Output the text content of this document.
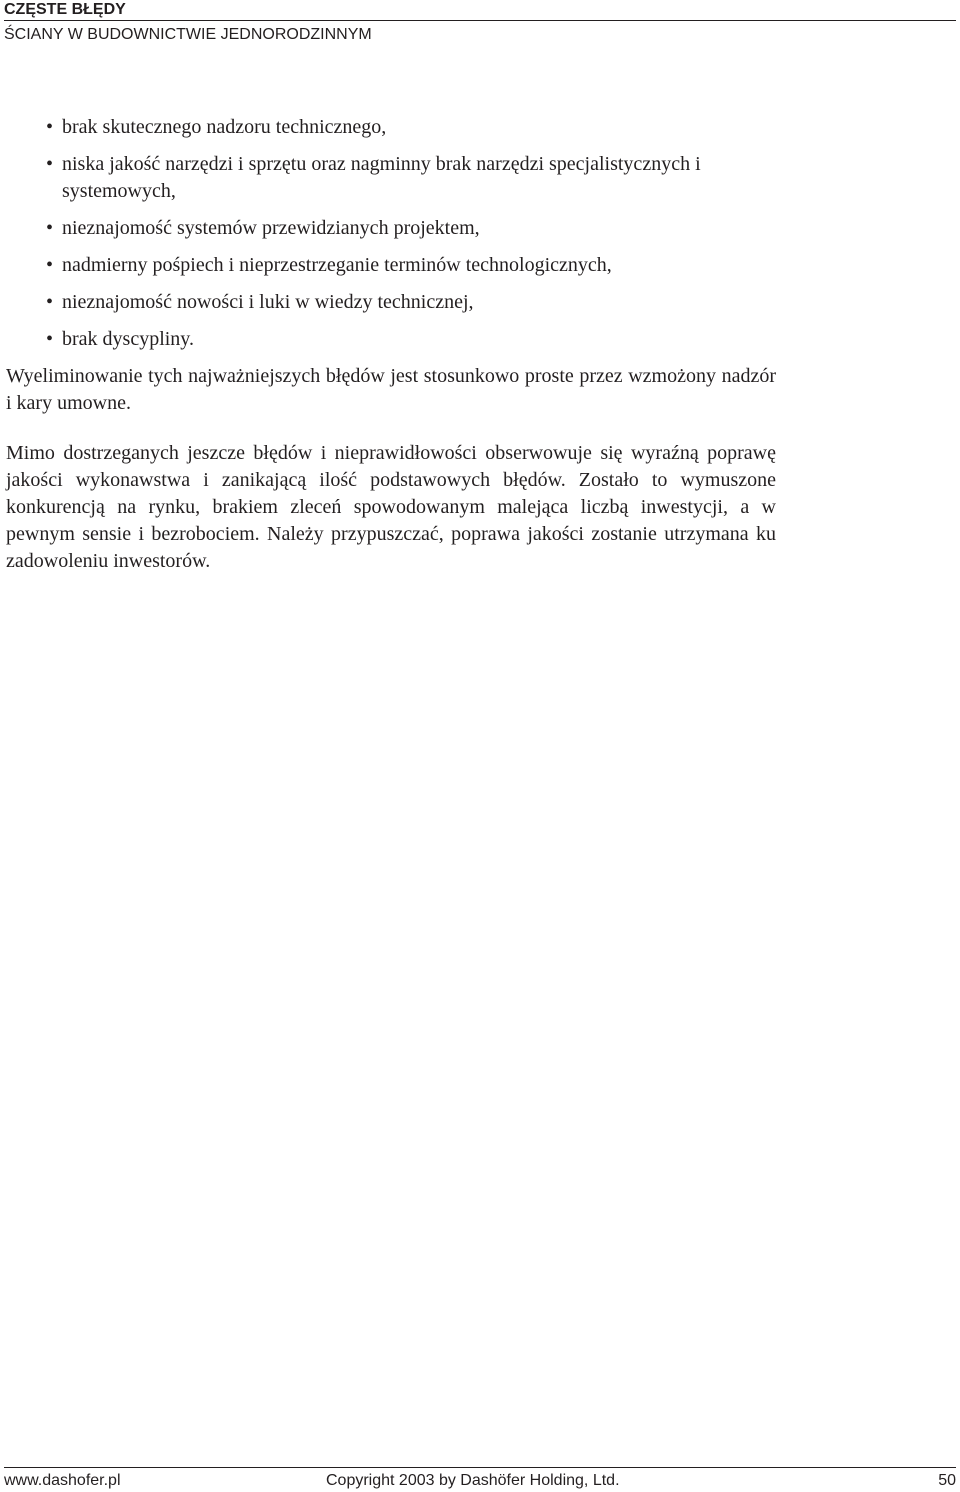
CZĘSTE BŁĘDY
ŚCIANY W BUDOWNICTWIE JEDNORODZINNYM
• brak skutecznego nadzoru technicznego,
• niska jakość narzędzi i sprzętu oraz nagminny brak narzędzi specjalistycznych i systemowych,
• nieznajomość systemów przewidzianych projektem,
• nadmierny pośpiech i nieprzestrzeganie terminów technologicznych,
• nieznajomość nowości i luki w wiedzy technicznej,
• brak dyscypliny.

Wyeliminowanie tych najważniejszych błędów jest stosunkowo proste przez wzmożony nadzór i kary umowne.

Mimo dostrzeganych jeszcze błędów i nieprawidłowości obserwowuje się wyraźną poprawę jakości wykonawstwa i zanikającą ilość podstawowych błędów. Zostało to wymuszone konkurencją na rynku, brakiem zleceń spowodowanym malejąca liczbą inwestycji, a w pewnym sensie i bezrobociem. Należy przypuszczać, poprawa jakości zostanie utrzymana ku zadowoleniu inwestorów.

www.dashofer.pl	Copyright 2003 by Dashöfer Holding, Ltd.	50
